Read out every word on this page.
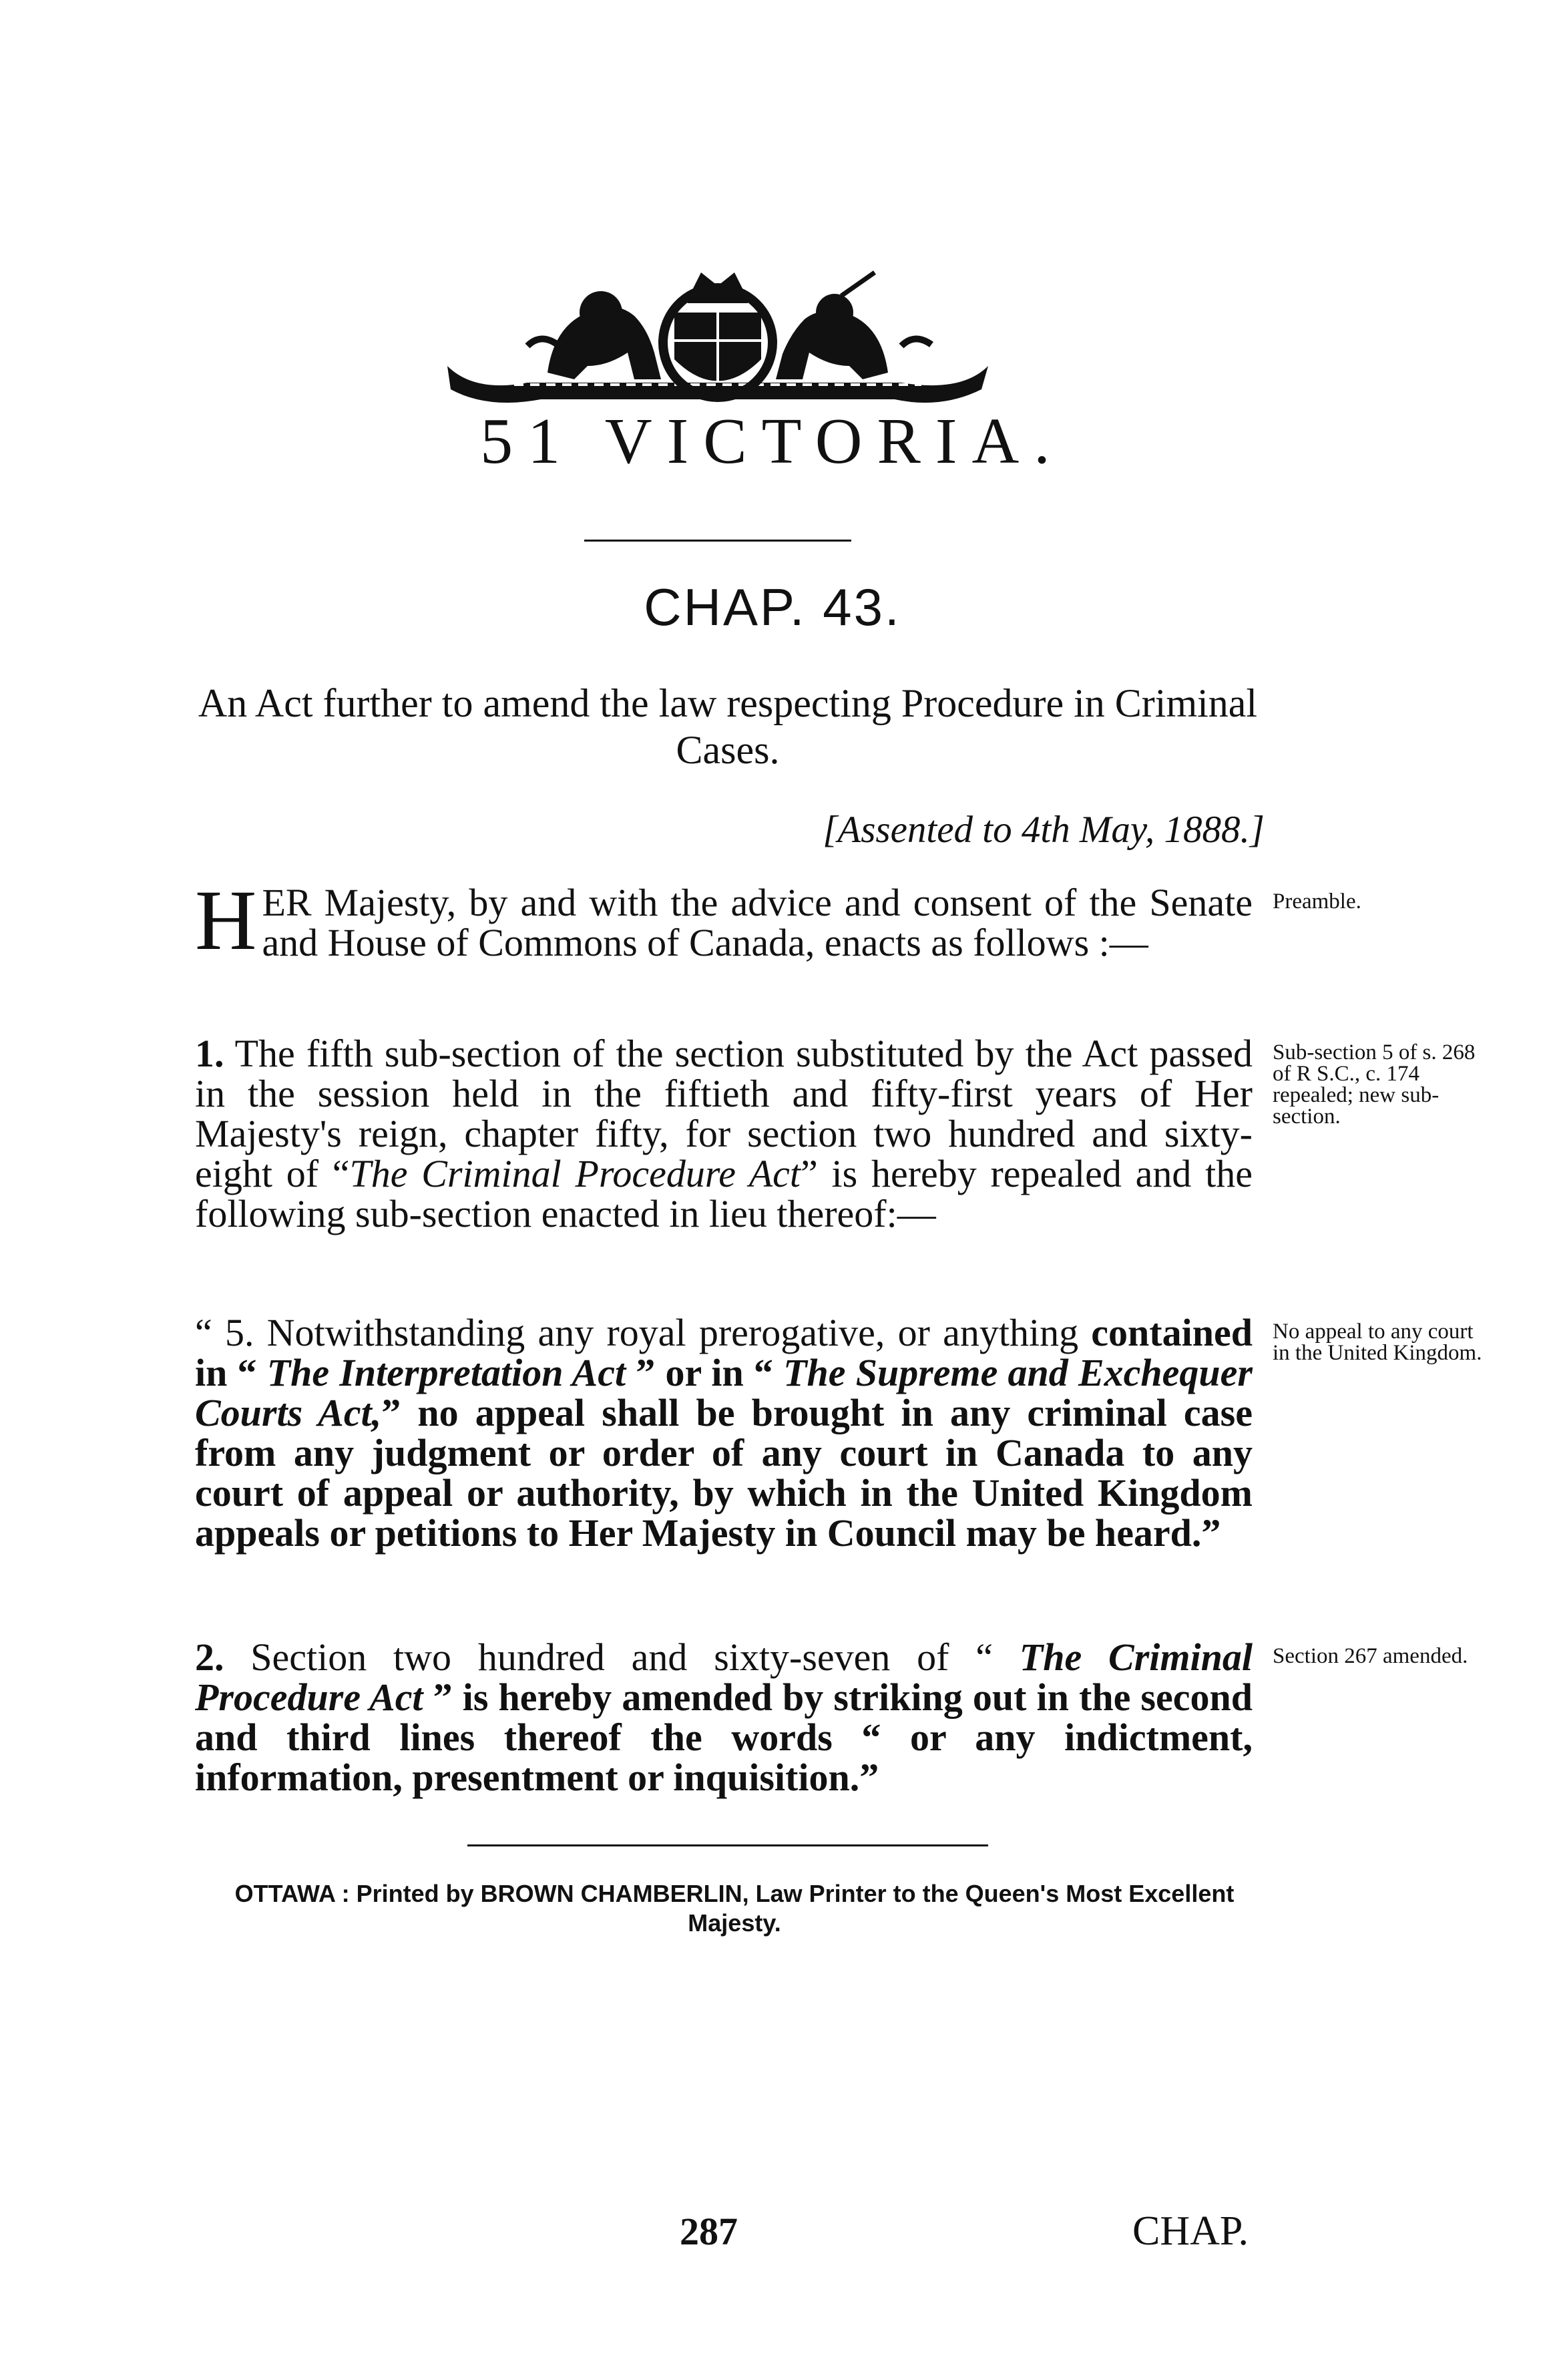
51 VICTORIA.
CHAP. 43.
An Act further to amend the law respecting Procedure in Criminal Cases.
[Assented to 4th May, 1888.]

HER Majesty, by and with the advice and consent of the Senate and House of Commons of Canada, enacts as follows :—

Preamble.

1. The fifth sub-section of the section substituted by the Act passed in the session held in the fiftieth and fifty-first years of Her Majesty's reign, chapter fifty, for section two hundred and sixty-eight of “The Criminal Procedure Act” is hereby repealed and the following sub-section enacted in lieu thereof:—

Sub-section 5 of s. 268 of R S.C., c. 174 repealed; new sub-section.

“ 5. Notwithstanding any royal prerogative, or anything contained in “ The Interpretation Act ” or in “ The Supreme and Exchequer Courts Act,” no appeal shall be brought in any criminal case from any judgment or order of any court in Canada to any court of appeal or authority, by which in the United Kingdom appeals or petitions to Her Majesty in Council may be heard.”

No appeal to any court in the United Kingdom.

2. Section two hundred and sixty-seven of “ The Criminal Procedure Act ” is hereby amended by striking out in the second and third lines thereof the words “ or any indictment, information, presentment or inquisition.”

Section 267 amended.
OTTAWA : Printed by BROWN CHAMBERLIN, Law Printer to the Queen's Most Excellent Majesty.
287	CHAP.
